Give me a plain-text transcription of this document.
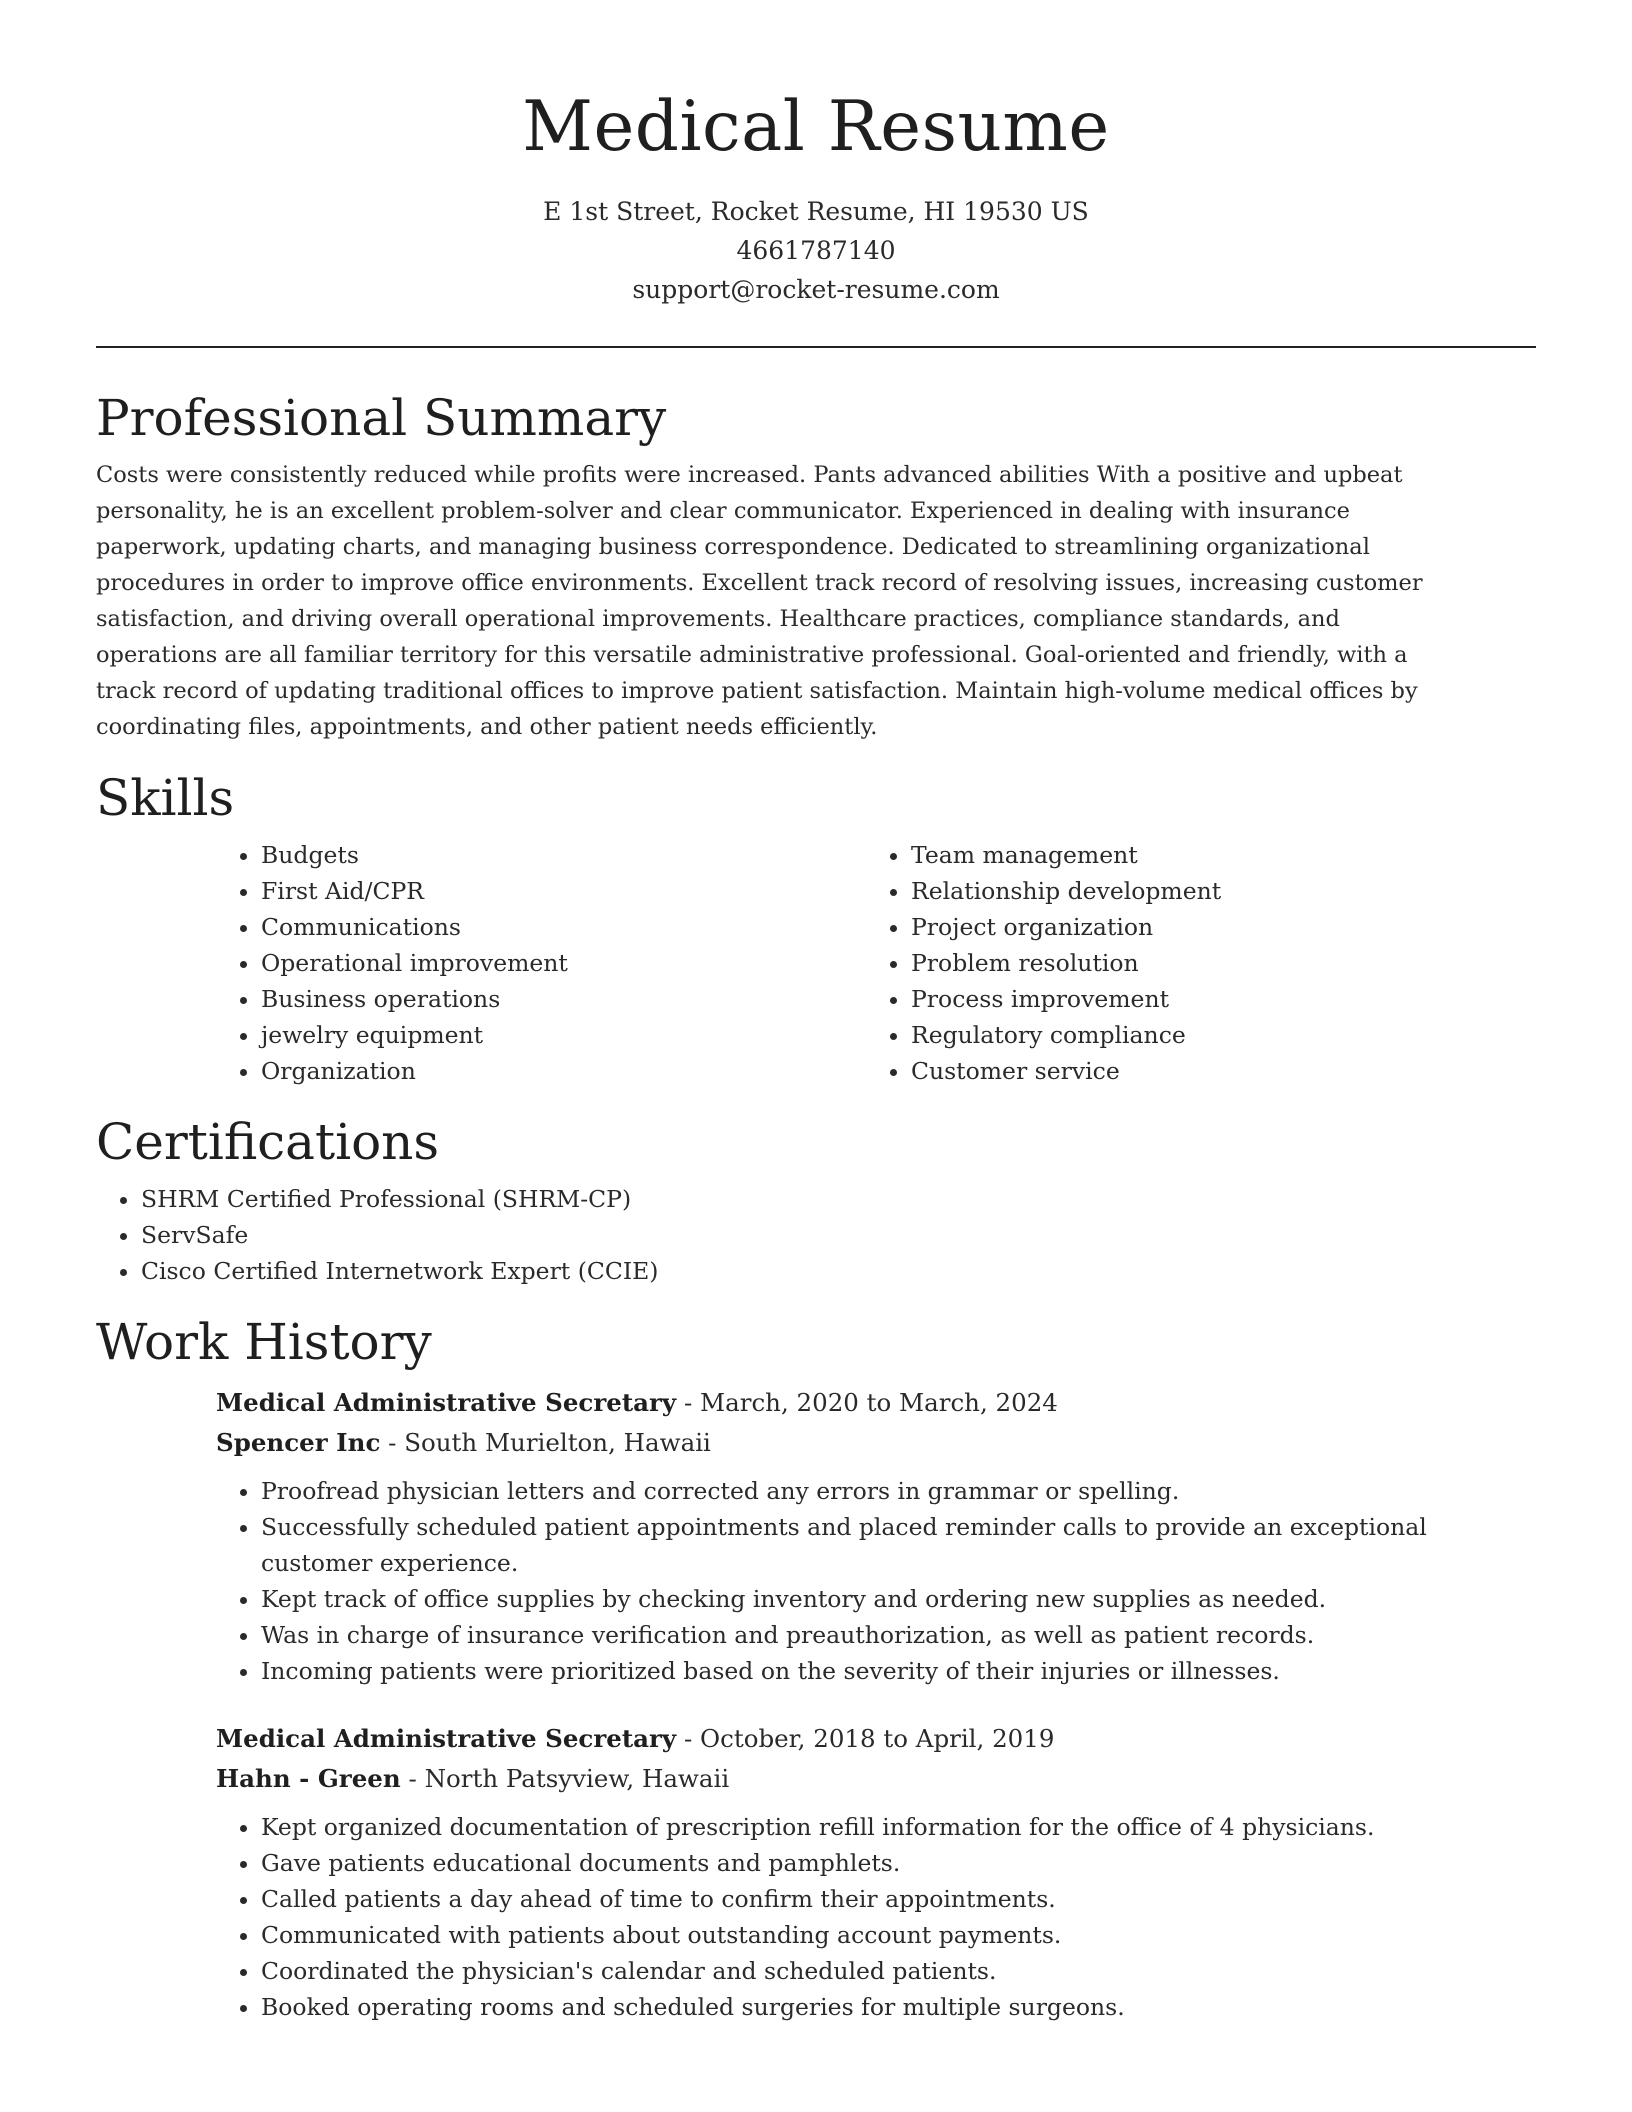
Medical Resume
E 1st Street, Rocket Resume, HI 19530 US
4661787140
support@rocket-resume.com
Professional Summary

Costs were consistently reduced while profits were increased. Pants advanced abilities With a positive and upbeat personality, he is an excellent problem-solver and clear communicator. Experienced in dealing with insurance paperwork, updating charts, and managing business correspondence. Dedicated to streamlining organizational procedures in order to improve office environments. Excellent track record of resolving issues, increasing customer satisfaction, and driving overall operational improvements. Healthcare practices, compliance standards, and operations are all familiar territory for this versatile administrative professional. Goal-oriented and friendly, with a track record of updating traditional offices to improve patient satisfaction. Maintain high-volume medical offices by coordinating files, appointments, and other patient needs efficiently.

Skills
• Budgets
• First Aid/CPR
• Communications
• Operational improvement
• Business operations
• jewelry equipment
• Organization
• Team management
• Relationship development
• Project organization
• Problem resolution
• Process improvement
• Regulatory compliance
• Customer service
Certifications
• SHRM Certified Professional (SHRM-CP)
• ServSafe
• Cisco Certified Internetwork Expert (CCIE)
Work History
Medical Administrative Secretary - March, 2020 to March, 2024
Spencer Inc - South Murielton, Hawaii
• Proofread physician letters and corrected any errors in grammar or spelling.
• Successfully scheduled patient appointments and placed reminder calls to provide an exceptional customer experience.
• Kept track of office supplies by checking inventory and ordering new supplies as needed.
• Was in charge of insurance verification and preauthorization, as well as patient records.
• Incoming patients were prioritized based on the severity of their injuries or illnesses.
Medical Administrative Secretary - October, 2018 to April, 2019
Hahn - Green - North Patsyview, Hawaii
• Kept organized documentation of prescription refill information for the office of 4 physicians.
• Gave patients educational documents and pamphlets.
• Called patients a day ahead of time to confirm their appointments.
• Communicated with patients about outstanding account payments.
• Coordinated the physician's calendar and scheduled patients.
• Booked operating rooms and scheduled surgeries for multiple surgeons.
